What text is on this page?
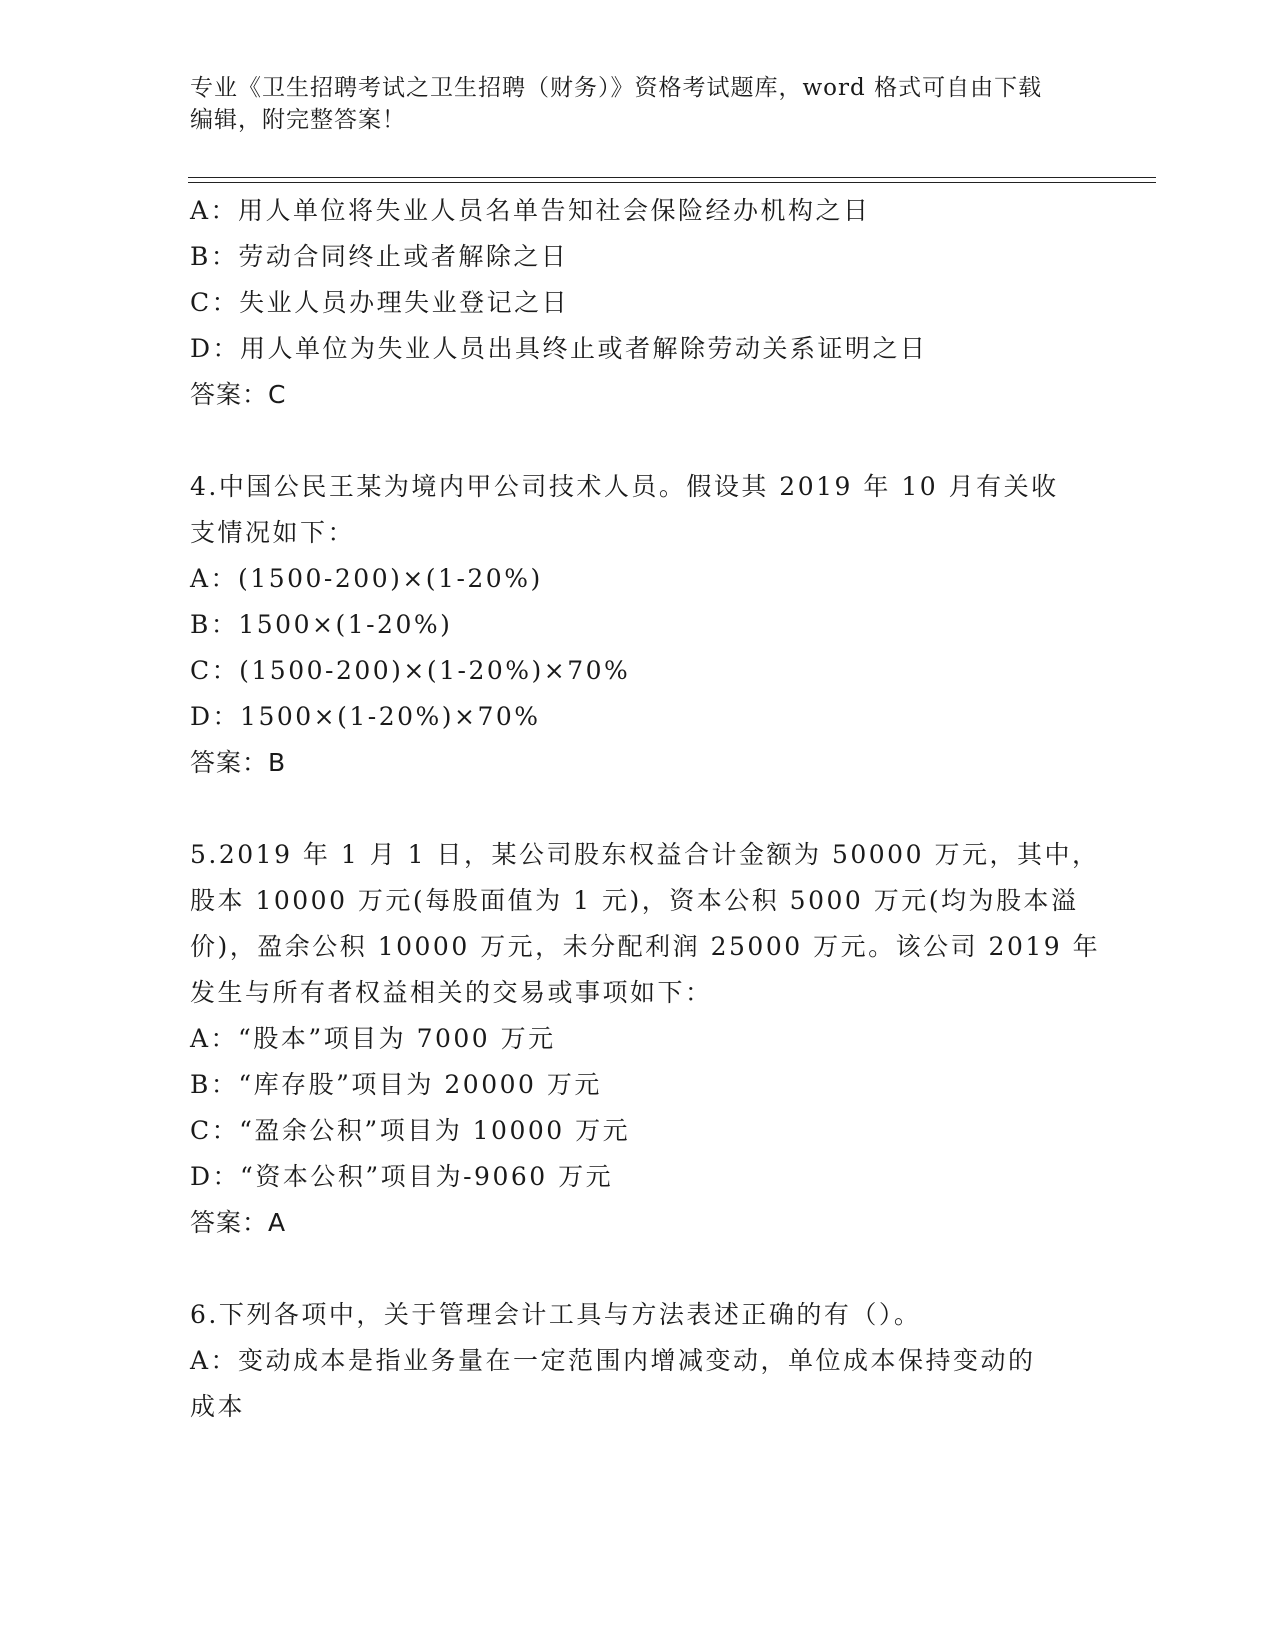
专业《卫生招聘考试之卫生招聘（财务）》资格考试题库，word 格式可自由下载
编辑，附完整答案！
A：用人单位将失业人员名单告知社会保险经办机构之日
B：劳动合同终止或者解除之日
C：失业人员办理失业登记之日
D：用人单位为失业人员出具终止或者解除劳动关系证明之日
答案：C
4.中国公民王某为境内甲公司技术人员。假设其 2019 年 10 月有关收
支情况如下：
A：(1500-200)×(1-20%)
B：1500×(1-20%)
C：(1500-200)×(1-20%)×70%
D：1500×(1-20%)×70%
答案：B
5.2019 年 1 月 1 日，某公司股东权益合计金额为 50000 万元，其中，
股本 10000 万元(每股面值为 1 元)，资本公积 5000 万元(均为股本溢
价)，盈余公积 10000 万元，未分配利润 25000 万元。该公司 2019 年
发生与所有者权益相关的交易或事项如下：
A：“股本”项目为 7000 万元
B：“库存股”项目为 20000 万元
C：“盈余公积”项目为 10000 万元
D：“资本公积”项目为-9060 万元
答案：A
6.下列各项中，关于管理会计工具与方法表述正确的有（）。
A：变动成本是指业务量在一定范围内增减变动，单位成本保持变动的
成本
